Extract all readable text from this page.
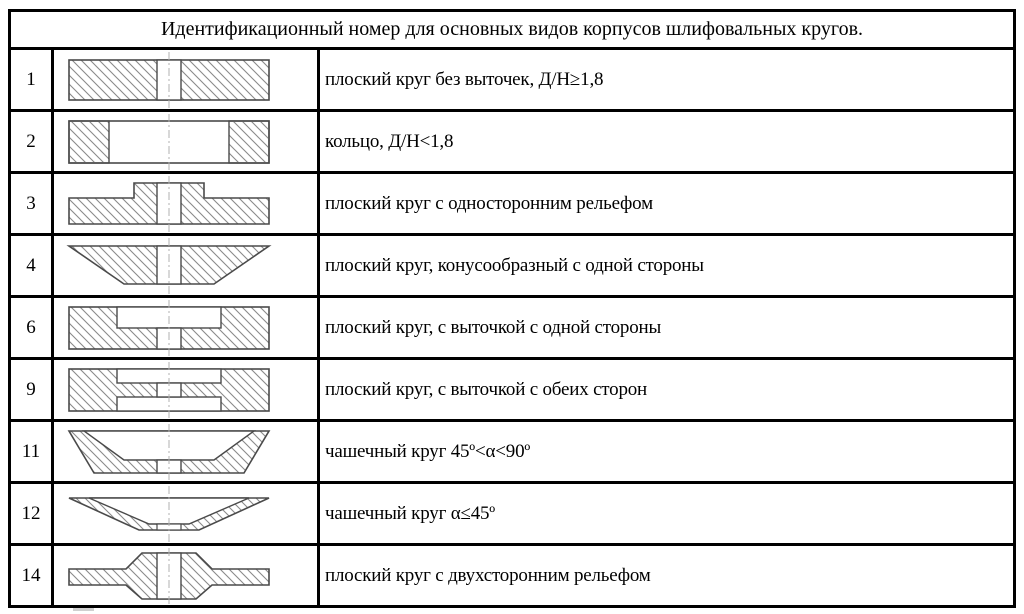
Идентификационный номер для основных видов корпусов шлифовальных кругов.
1	плоский круг без выточек, Д/Н≥1,8
2	кольцо, Д/Н<1,8
3	плоский круг с односторонним рельефом
4	плоский круг, конусообразный с одной стороны
6	плоский круг, с выточкой с одной стороны
9	плоский круг, с выточкой с обеих сторон
11	чашечный круг 45º<α<90º
12	чашечный круг α≤45º
14	плоский круг с двухсторонним рельефом
